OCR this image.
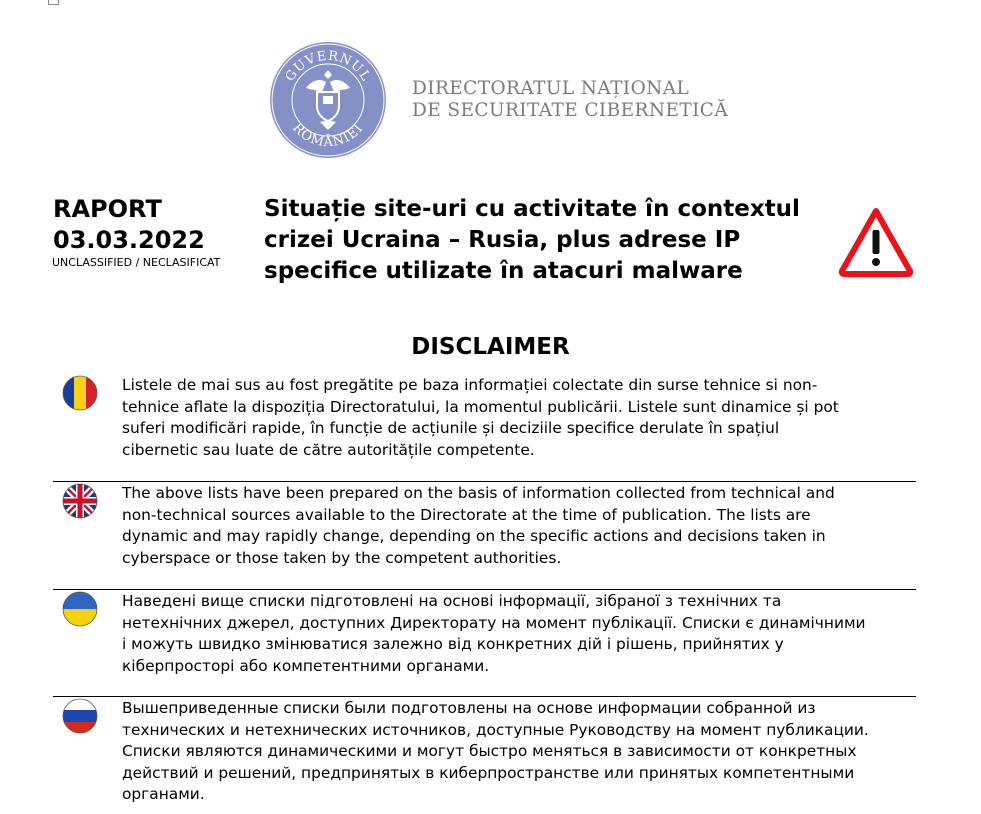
GUVERNUL
ROMÂNIEI
DIRECTORATUL NAȚIONAL
DE SECURITATE CIBERNETICĂ
RAPORT
03.03.2022
UNCLASSIFIED / NECLASIFICAT
Situație site-uri cu activitate în contextul
crizei Ucraina – Rusia, plus adrese IP
specifice utilizate în atacuri malware
DISCLAIMER
Listele de mai sus au fost pregătite pe baza informației colectate din surse tehnice si non-
tehnice aflate la dispoziția Directoratului, la momentul publicării. Listele sunt dinamice și pot
suferi modificări rapide, în funcție de acțiunile și deciziile specifice derulate în spațiul
cibernetic sau luate de către autoritățile competente.
The above lists have been prepared on the basis of information collected from technical and
non-technical sources available to the Directorate at the time of publication. The lists are
dynamic and may rapidly change, depending on the specific actions and decisions taken in
cyberspace or those taken by the competent authorities.
Наведені вище списки підготовлені на основі інформації, зібраної з технічних та
нетехнічних джерел, доступних Директорату на момент публікації. Списки є динамічними
і можуть швидко змінюватися залежно від конкретних дій і рішень, прийнятих у
кіберпросторі або компетентними органами.
Вышеприведенные списки были подготовлены на основе информации собранной из
технических и нетехнических источников, доступные Руководству на момент публикации.
Списки являются динамическими и могут быстро меняться в зависимости от конкретных
действий и решений, предпринятых в киберпространстве или принятых компетентными
органами.
